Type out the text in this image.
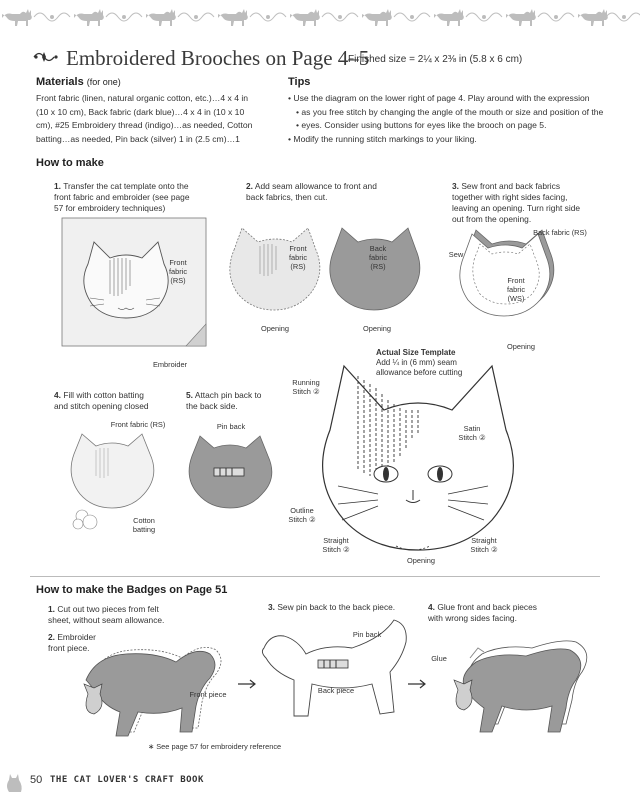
Embroidered Brooches on Page 4–5
Finished size = 2¼ x 2⅜ in (5.8 x 6 cm)
Materials (for one)
Front fabric (linen, natural organic cotton, etc.)…4 x 4 in
(10 x 10 cm), Back fabric (dark blue)…4 x 4 in (10 x 10
cm), #25 Embroidery thread (indigo)…as needed, Cotton
batting…as needed, Pin back (silver) 1 in (2.5 cm)…1
Tips
• Use the diagram on the lower right of page 4. Play around with the expression
• as you free stitch by changing the angle of the mouth or size and position of the
• eyes. Consider using buttons for eyes like the brooch on page 5.
• Modify the running stitch markings to your liking.
How to make
1. Transfer the cat template onto the
front fabric and embroider (see page
57 for embroidery techniques)
2. Add seam allowance to front and
back fabrics, then cut.
3. Sew front and back fabrics
together with right sides facing,
leaving an opening. Turn right side
out from the opening.
Front
fabric
(RS)
Embroider
Front
fabric
(RS)
Back
fabric
(RS)
Opening	Opening
Back fabric (RS)
Sew
Front
fabric
(WS)
Opening
Actual Size Template
Add ¼ in (6 mm) seam
allowance before cutting
Running
Stitch ②
Satin
Stitch ②
Outline
Stitch ②
Straight
Stitch ②
Straight
Stitch ②
Opening
4. Fill with cotton batting
and stitch opening closed
5. Attach pin back to
the back side.
Front fabric (RS)
Cotton
batting
Pin back
How to make the Badges on Page 51
1. Cut out two pieces from felt
sheet, without seam allowance.
2. Embroider
front piece.
3. Sew pin back to the back piece.	4. Glue front and back pieces
with wrong sides facing.
Front piece
Pin back
Back piece
Glue
∗ See page 57 for embroidery reference
50 THE CAT LOVER'S CRAFT BOOK
